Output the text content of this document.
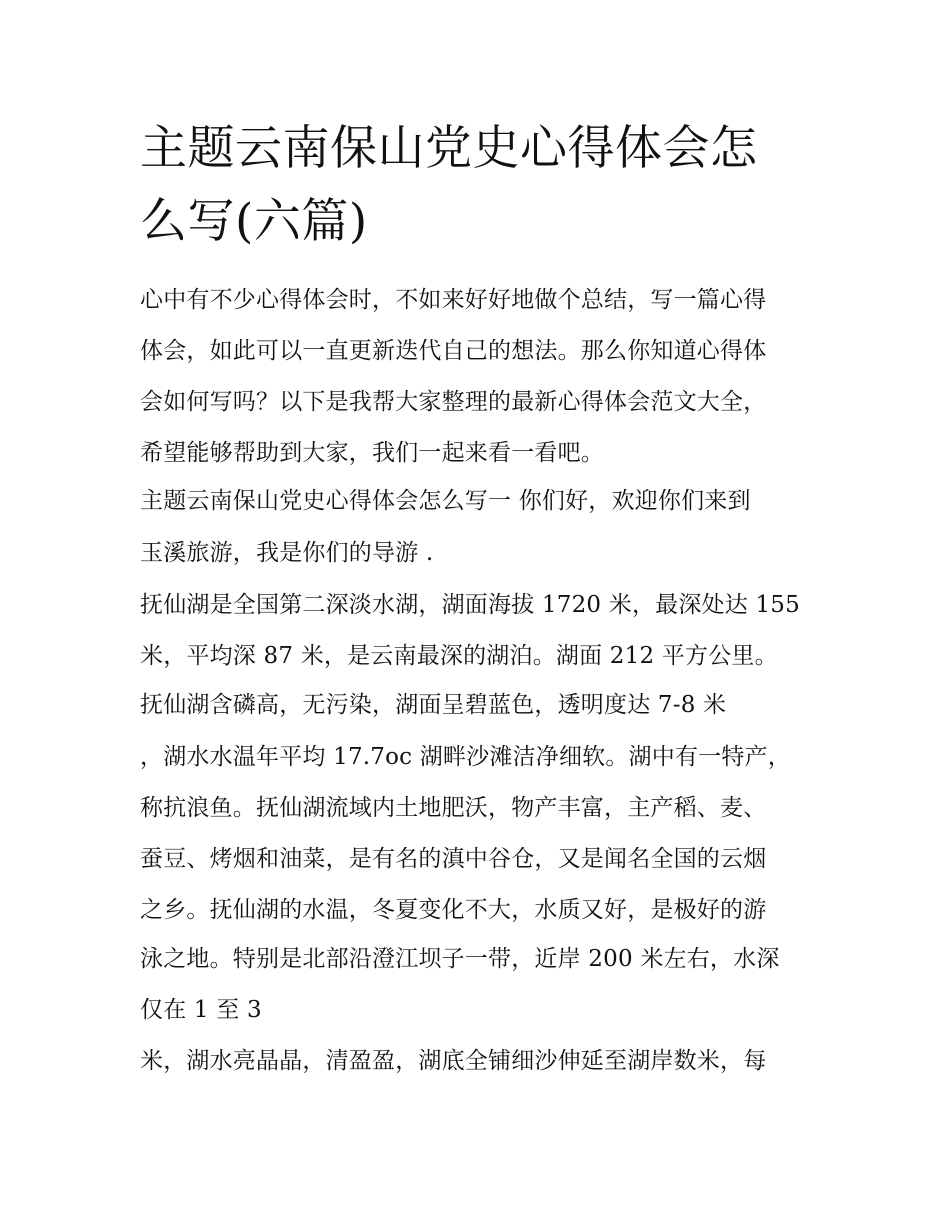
主题云南保山党史心得体会怎
么写(六篇)

心中有不少心得体会时，不如来好好地做个总结，写一篇心得

体会，如此可以一直更新迭代自己的想法。那么你知道心得体

会如何写吗？以下是我帮大家整理的最新心得体会范文大全，

希望能够帮助到大家，我们一起来看一看吧。

主题云南保山党史心得体会怎么写一 你们好，欢迎你们来到

玉溪旅游，我是你们的导游 .

抚仙湖是全国第二深淡水湖，湖面海拔 1720 米，最深处达 155

米，平均深 87 米，是云南最深的湖泊。湖面 212 平方公里。

抚仙湖含磷高，无污染，湖面呈碧蓝色，透明度达 7-8 米

，湖水水温年平均 17.7oc 湖畔沙滩洁净细软。湖中有一特产，

称抗浪鱼。抚仙湖流域内土地肥沃，物产丰富，主产稻、麦、

蚕豆、烤烟和油菜，是有名的滇中谷仓，又是闻名全国的云烟

之乡。抚仙湖的水温，冬夏变化不大，水质又好，是极好的游

泳之地。特别是北部沿澄江坝子一带，近岸 200 米左右，水深

仅在 1 至 3

米，湖水亮晶晶，清盈盈，湖底全铺细沙伸延至湖岸数米，每
